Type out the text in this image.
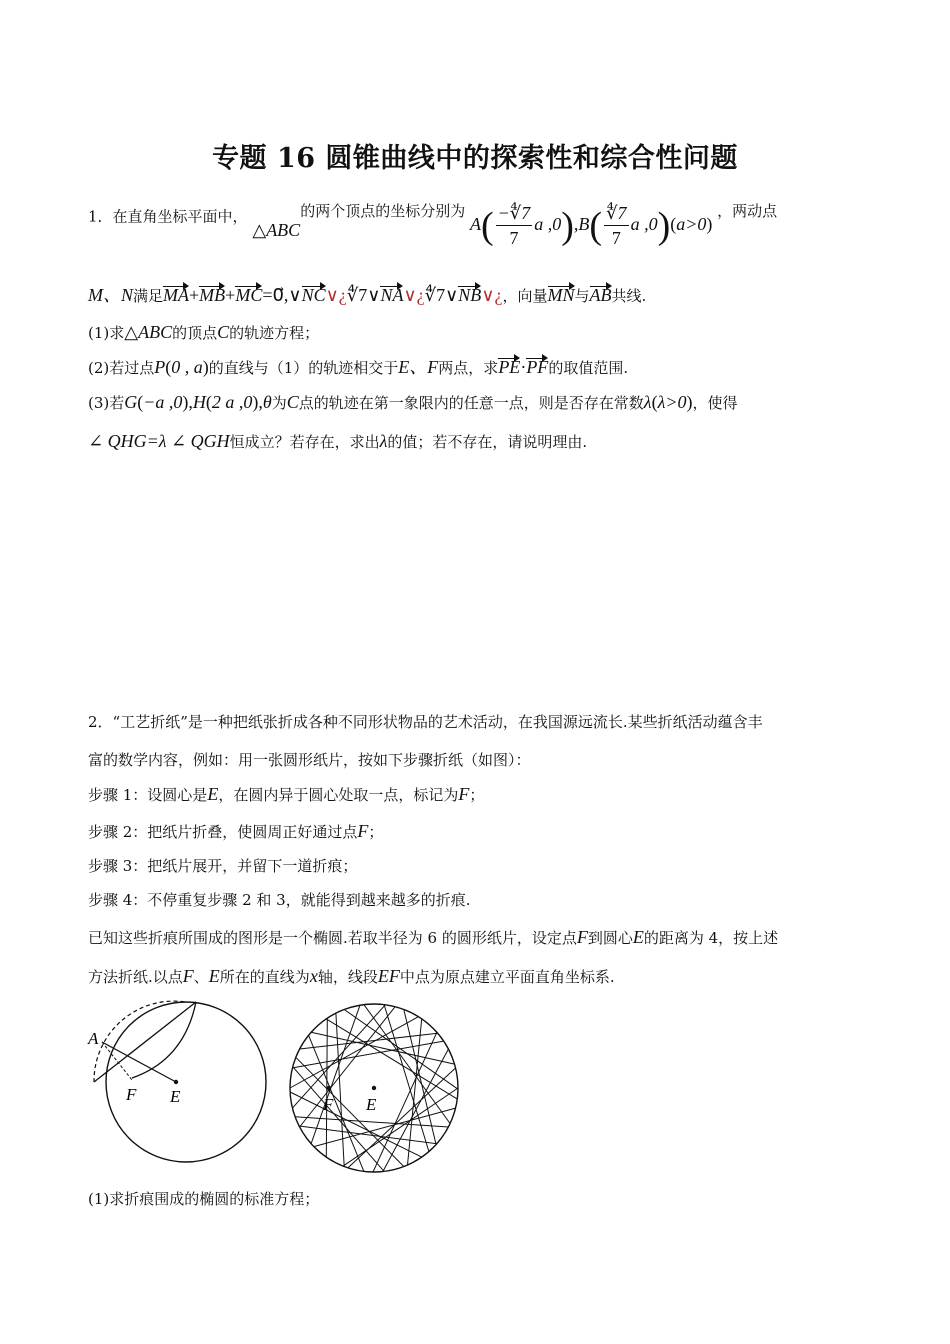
专题 16 圆锥曲线中的探索性和综合性问题
1．在直角坐标平面中， △ABC的两个顶点的坐标分别为 $A( \frac{-∜7}{7}$ a $,0),B( \frac{∜7}{7}$ a ,0)(a>0) ，两动点
M、N满足MA+MB+MC=0⃗,∨NC∨¿∜7∨NA∨¿∜7∨NB∨¿，向量MN与AB共线.
(1)求△ABC的顶点C的轨迹方程；
(2)若过点P(0 , a)的直线与（1）的轨迹相交于E、F两点，求PE·PF的取值范围.
(3)若G(−a ,0),H(2 a ,0),θ为C点的轨迹在第一象限内的任意一点，则是否存在常数λ(λ>0)，使得
∠ QHG=λ ∠ QGH恒成立？若存在，求出λ的值；若不存在，请说明理由.
2．“工艺折纸”是一种把纸张折成各种不同形状物品的艺术活动，在我国源远流长.某些折纸活动蕴含丰
富的数学内容，例如：用一张圆形纸片，按如下步骤折纸（如图）：
步骤 1：设圆心是E，在圆内异于圆心处取一点，标记为F；
步骤 2：把纸片折叠，使圆周正好通过点F；
步骤 3：把纸片展开，并留下一道折痕；
步骤 4：不停重复步骤 2 和 3，就能得到越来越多的折痕.
已知这些折痕所围成的图形是一个椭圆.若取半径为 6 的圆形纸片，设定点F到圆心E的距离为 4，按上述
方法折纸.以点F、E所在的直线为x轴，线段EF中点为原点建立平面直角坐标系.
A
F E	F E
(1)求折痕围成的椭圆的标准方程；
